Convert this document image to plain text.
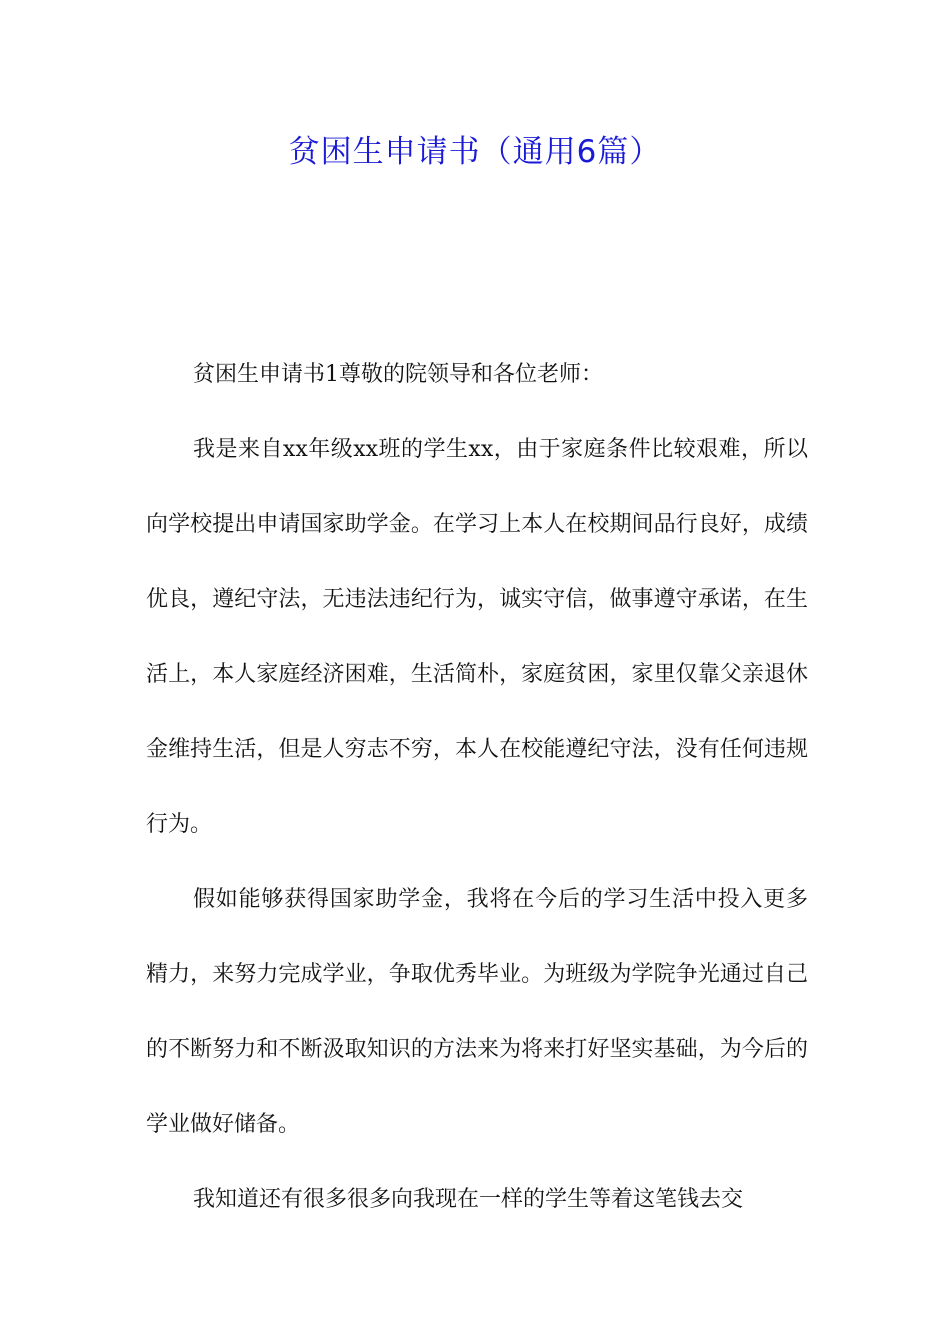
贫困生申请书（通用6篇）

贫困生申请书1尊敬的院领导和各位老师：

我是来自xx年级xx班的学生xx，由于家庭条件比较艰难，所以向学校提出申请国家助学金。在学习上本人在校期间品行良好，成绩优良，遵纪守法，无违法违纪行为，诚实守信，做事遵守承诺，在生活上，本人家庭经济困难，生活简朴，家庭贫困，家里仅靠父亲退休金维持生活，但是人穷志不穷，本人在校能遵纪守法，没有任何违规行为。

假如能够获得国家助学金，我将在今后的学习生活中投入更多精力，来努力完成学业，争取优秀毕业。为班级为学院争光通过自己的不断努力和不断汲取知识的方法来为将来打好坚实基础，为今后的学业做好储备。

我知道还有很多很多向我现在一样的学生等着这笔钱去交
